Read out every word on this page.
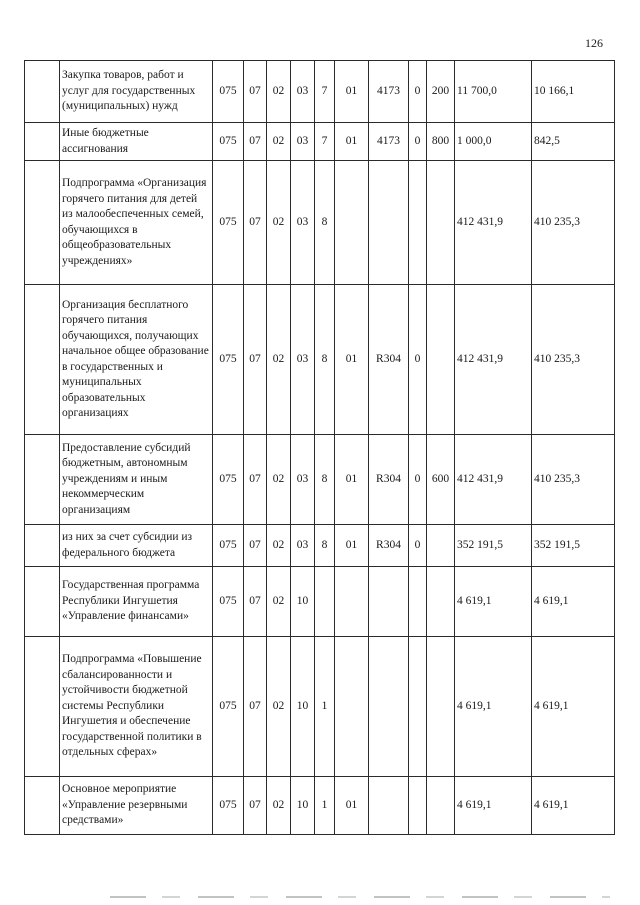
126
	Закупка товаров, работ и услуг для государственных (муниципальных) нужд	075	07	02	03	7	01	4173	0	200	11 700,0	10 166,1
	Иные бюджетные ассигнования	075	07	02	03	7	01	4173	0	800	1 000,0	842,5
	Подпрограмма «Организация горячего питания для детей из малообеспеченных семей, обучающихся в общеобразовательных учреждениях»	075	07	02	03	8					412 431,9	410 235,3
	Организация бесплатного горячего питания обучающихся, получающих начальное общее образование в государственных и муниципальных образовательных организациях	075	07	02	03	8	01	R304	0		412 431,9	410 235,3
	Предоставление субсидий бюджетным, автономным учреждениям и иным некоммерческим организациям	075	07	02	03	8	01	R304	0	600	412 431,9	410 235,3
	из них за счет субсидии из федерального бюджета	075	07	02	03	8	01	R304	0		352 191,5	352 191,5
	Государственная программа Республики Ингушетия «Управление финансами»	075	07	02	10						4 619,1	4 619,1
	Подпрограмма «Повышение сбалансированности и устойчивости бюджетной системы Республики Ингушетия и обеспечение государственной политики в отдельных сферах»	075	07	02	10	1					4 619,1	4 619,1
	Основное мероприятие «Управление резервными средствами»	075	07	02	10	1	01				4 619,1	4 619,1
